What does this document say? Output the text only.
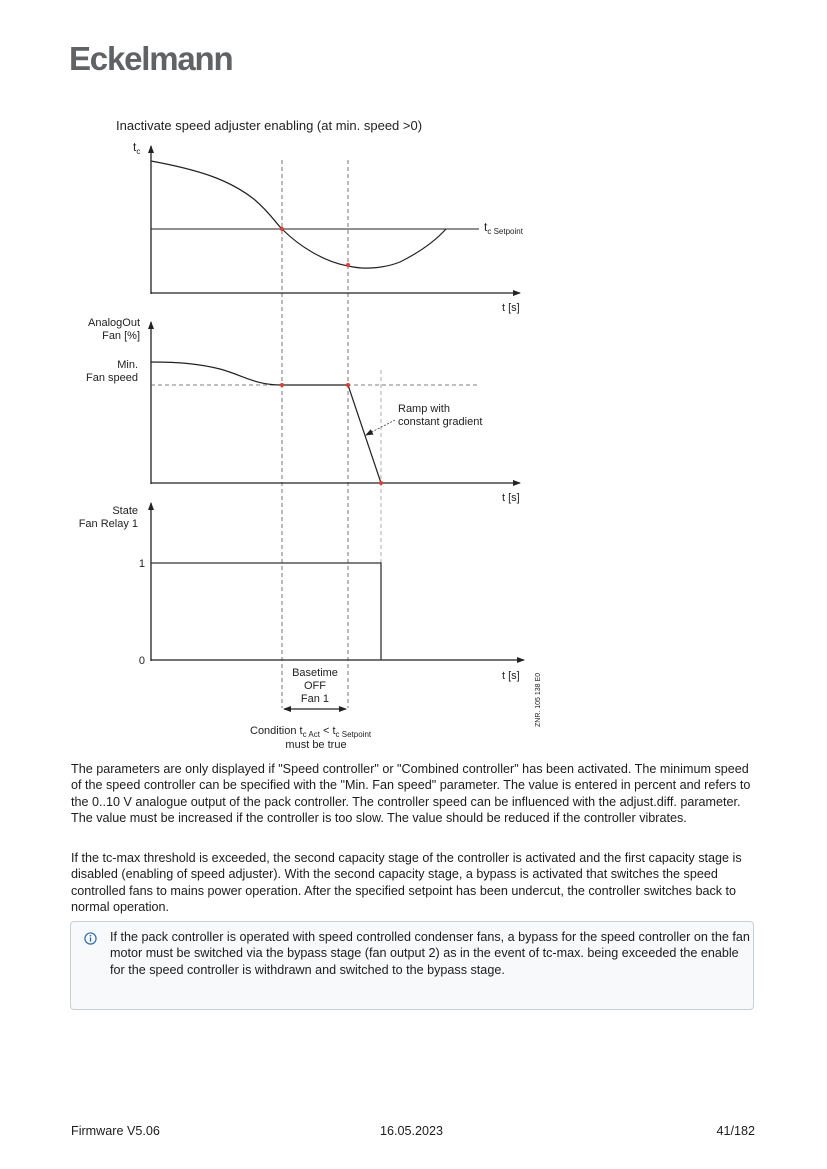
Eckelmann
Inactivate speed adjuster enabling (at min. speed >0)
$t_c$
$t_{c Setpoint}$
t [s]
AnalogOut
Fan [%]
Min.
Fan speed
Ramp with
constant gradient
t [s]
State
Fan Relay 1
1
0
t [s]
Basetime
OFF
Fan 1
Condition $t_{c Act} < t_{c Setpoint}$
must be true
ZNR. 105 138 E0

The parameters are only displayed if "Speed controller" or "Combined controller" has been activated. The minimum speed of the speed controller can be specified with the "Min. Fan speed" parameter. The value is entered in percent and refers to the 0..10 V analogue output of the pack controller. The controller speed can be influenced with the adjust.diff. parameter. The value must be increased if the controller is too slow. The value should be reduced if the controller vibrates.

If the tc-max threshold is exceeded, the second capacity stage of the controller is activated and the first capacity stage is disabled (enabling of speed adjuster). With the second capacity stage, a bypass is activated that switches the speed controlled fans to mains power operation. After the specified setpoint has been undercut, the controller switches back to normal operation.

If the pack controller is operated with speed controlled condenser fans, a bypass for the speed controller on the fan motor must be switched via the bypass stage (fan output 2) as in the event of tc-max. being exceeded the enable for the speed controller is withdrawn and switched to the bypass stage.
Firmware V5.06	16.05.2023	41/182
